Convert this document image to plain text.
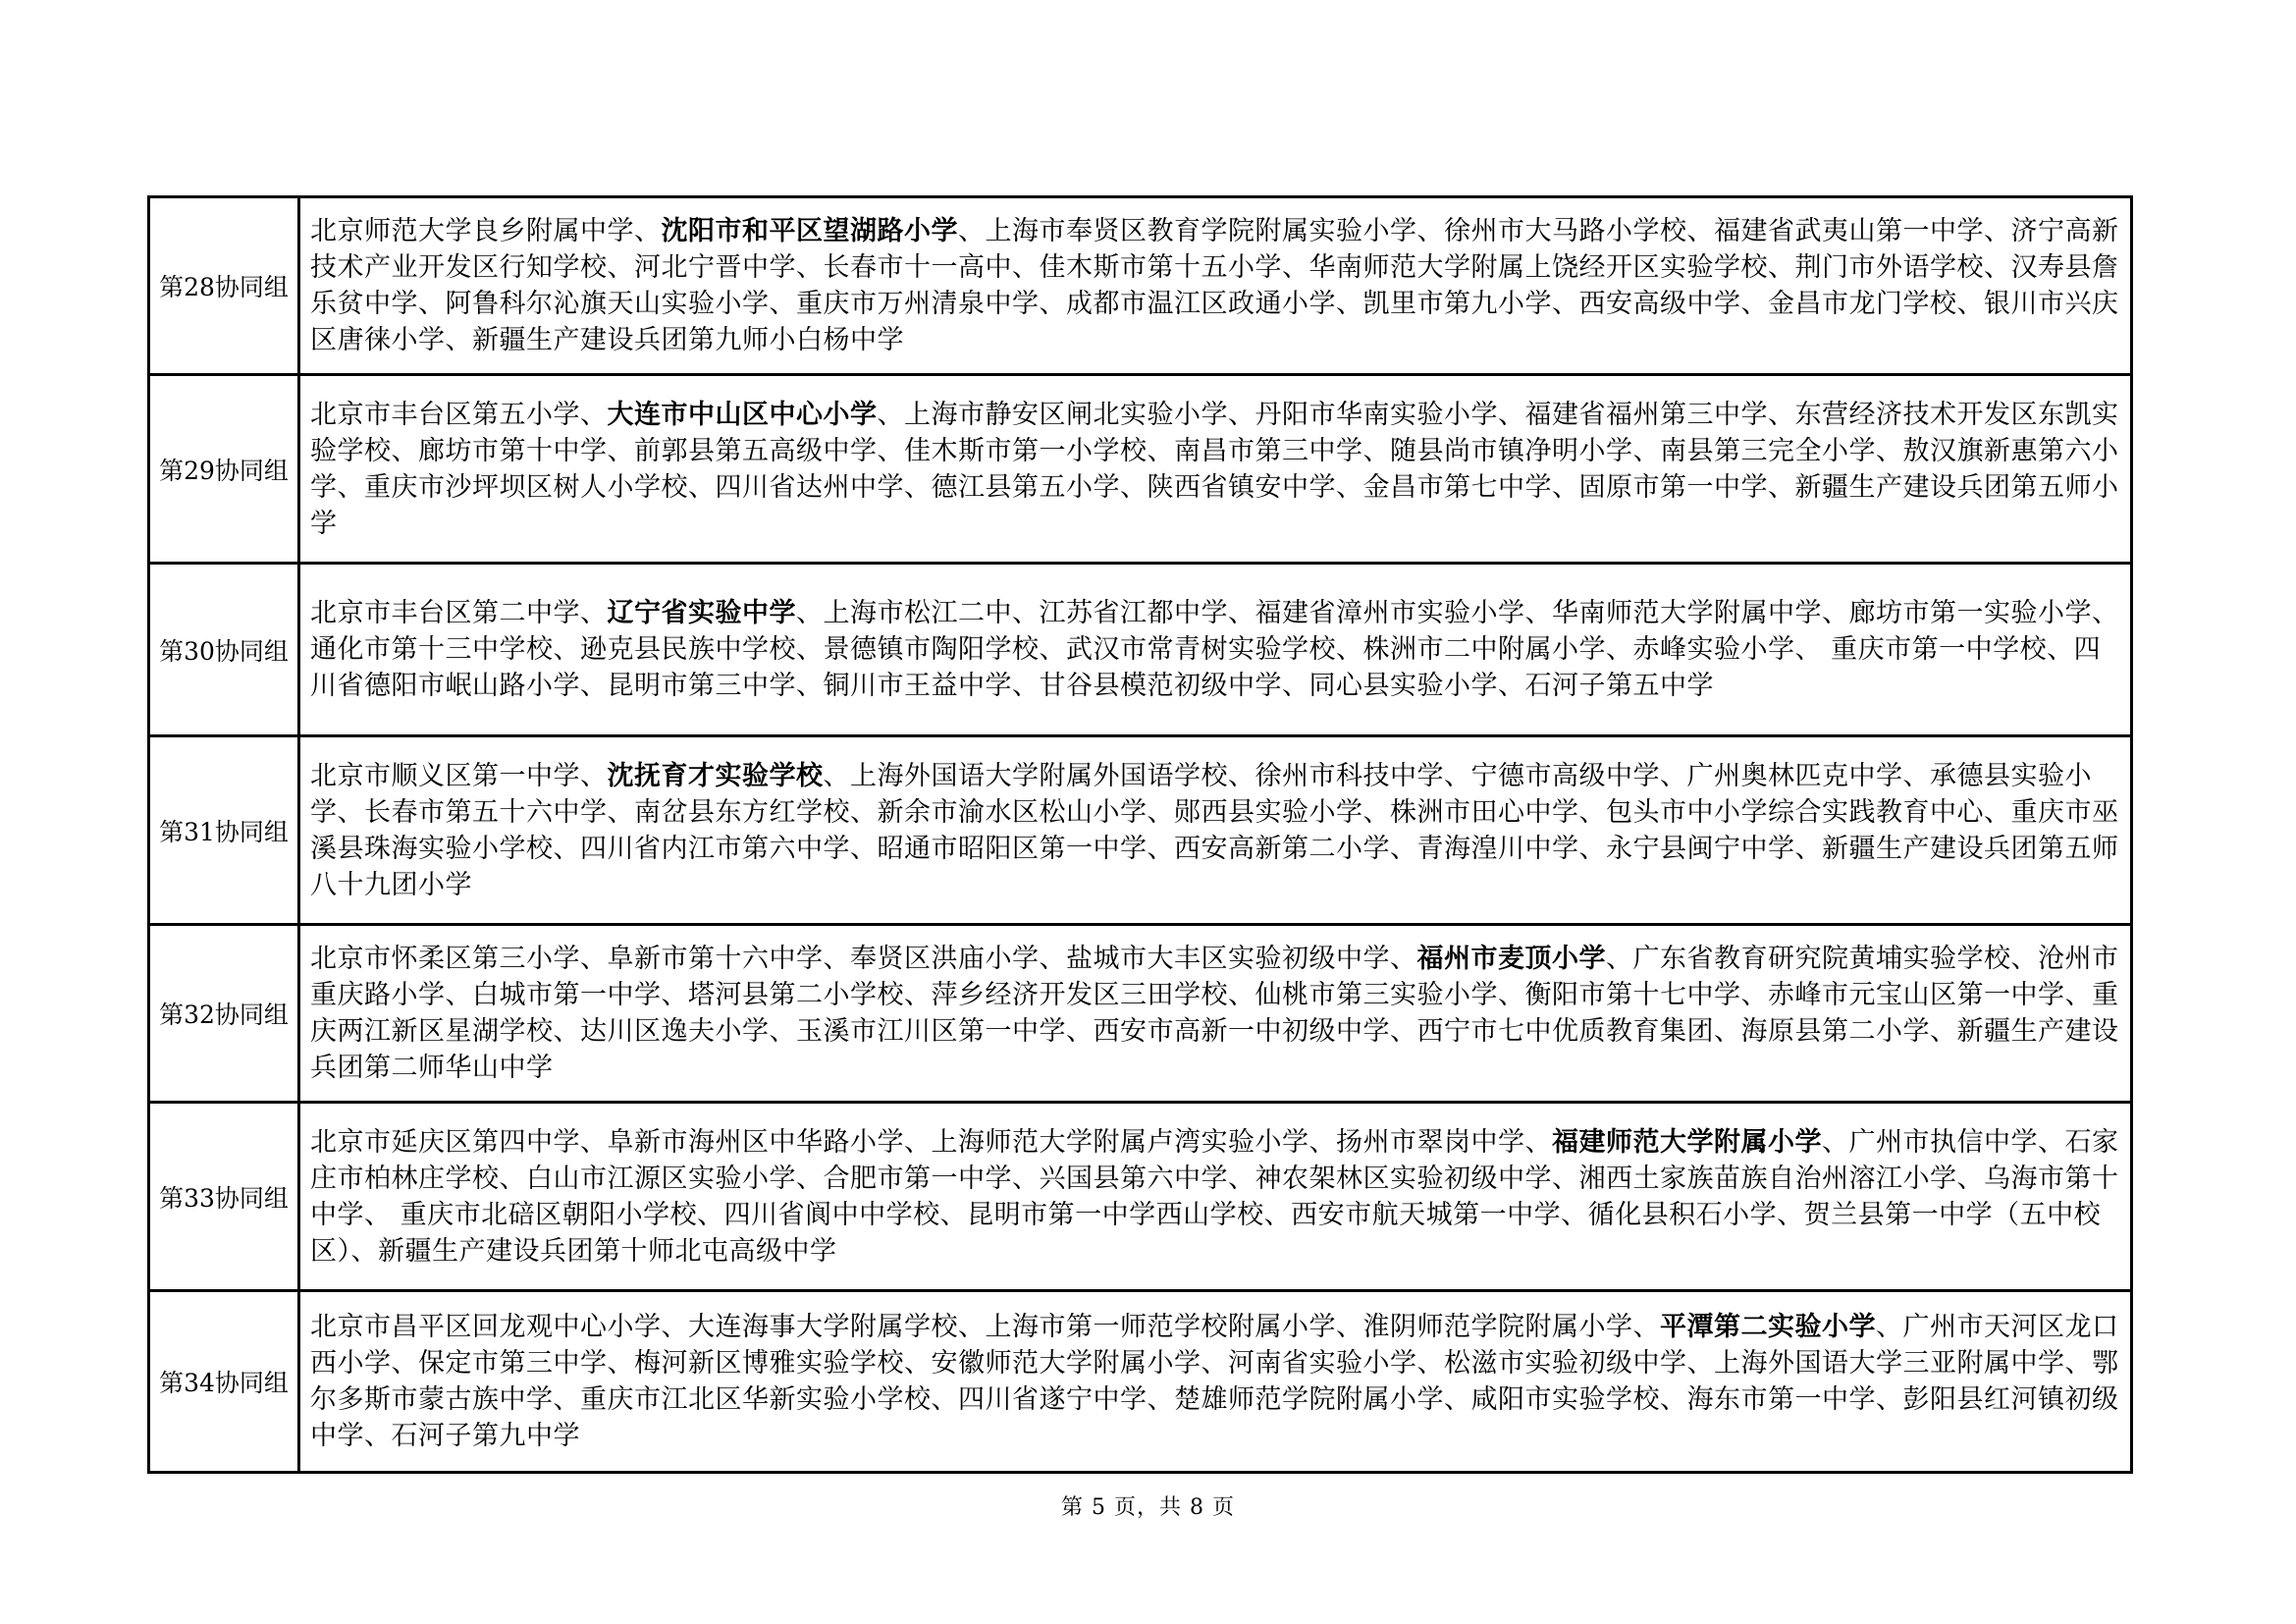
第28协同组	北京师范大学良乡附属中学、沈阳市和平区望湖路小学、上海市奉贤区教育学院附属实验小学、徐州市大马路小学校、福建省武夷山第一中学、济宁高新技术产业开发区行知学校、河北宁晋中学、长春市十一高中、佳木斯市第十五小学、华南师范大学附属上饶经开区实验学校、荆门市外语学校、汉寿县詹乐贫中学、阿鲁科尔沁旗天山实验小学、重庆市万州清泉中学、成都市温江区政通小学、凯里市第九小学、西安高级中学、金昌市龙门学校、银川市兴庆区唐徕小学、新疆生产建设兵团第九师小白杨中学
第29协同组	北京市丰台区第五小学、大连市中山区中心小学、上海市静安区闸北实验小学、丹阳市华南实验小学、福建省福州第三中学、东营经济技术开发区东凯实验学校、廊坊市第十中学、前郭县第五高级中学、佳木斯市第一小学校、南昌市第三中学、随县尚市镇净明小学、南县第三完全小学、敖汉旗新惠第六小学、重庆市沙坪坝区树人小学校、四川省达州中学、德江县第五小学、陕西省镇安中学、金昌市第七中学、固原市第一中学、新疆生产建设兵团第五师小学
第30协同组	北京市丰台区第二中学、辽宁省实验中学、上海市松江二中、江苏省江都中学、福建省漳州市实验小学、华南师范大学附属中学、廊坊市第一实验小学、通化市第十三中学校、逊克县民族中学校、景德镇市陶阳学校、武汉市常青树实验学校、株洲市二中附属小学、赤峰实验小学、 重庆市第一中学校、四川省德阳市岷山路小学、昆明市第三中学、铜川市王益中学、甘谷县模范初级中学、同心县实验小学、石河子第五中学
第31协同组	北京市顺义区第一中学、沈抚育才实验学校、上海外国语大学附属外国语学校、徐州市科技中学、宁德市高级中学、广州奥林匹克中学、承德县实验小学、长春市第五十六中学、南岔县东方红学校、新余市渝水区松山小学、郧西县实验小学、株洲市田心中学、包头市中小学综合实践教育中心、重庆市巫溪县珠海实验小学校、四川省内江市第六中学、昭通市昭阳区第一中学、西安高新第二小学、青海湟川中学、永宁县闽宁中学、新疆生产建设兵团第五师八十九团小学
第32协同组	北京市怀柔区第三小学、阜新市第十六中学、奉贤区洪庙小学、盐城市大丰区实验初级中学、福州市麦顶小学、广东省教育研究院黄埔实验学校、沧州市重庆路小学、白城市第一中学、塔河县第二小学校、萍乡经济开发区三田学校、仙桃市第三实验小学、衡阳市第十七中学、赤峰市元宝山区第一中学、重庆两江新区星湖学校、达川区逸夫小学、玉溪市江川区第一中学、西安市高新一中初级中学、西宁市七中优质教育集团、海原县第二小学、新疆生产建设兵团第二师华山中学
第33协同组	北京市延庆区第四中学、阜新市海州区中华路小学、上海师范大学附属卢湾实验小学、扬州市翠岗中学、福建师范大学附属小学、广州市执信中学、石家庄市柏林庄学校、白山市江源区实验小学、合肥市第一中学、兴国县第六中学、神农架林区实验初级中学、湘西土家族苗族自治州溶江小学、乌海市第十中学、 重庆市北碚区朝阳小学校、四川省阆中中学校、昆明市第一中学西山学校、西安市航天城第一中学、循化县积石小学、贺兰县第一中学（五中校区）、新疆生产建设兵团第十师北屯高级中学
第34协同组	北京市昌平区回龙观中心小学、大连海事大学附属学校、上海市第一师范学校附属小学、淮阴师范学院附属小学、平潭第二实验小学、广州市天河区龙口西小学、保定市第三中学、梅河新区博雅实验学校、安徽师范大学附属小学、河南省实验小学、松滋市实验初级中学、上海外国语大学三亚附属中学、鄂尔多斯市蒙古族中学、重庆市江北区华新实验小学校、四川省遂宁中学、楚雄师范学院附属小学、咸阳市实验学校、海东市第一中学、彭阳县红河镇初级中学、石河子第九中学
第 5 页，共 8 页
